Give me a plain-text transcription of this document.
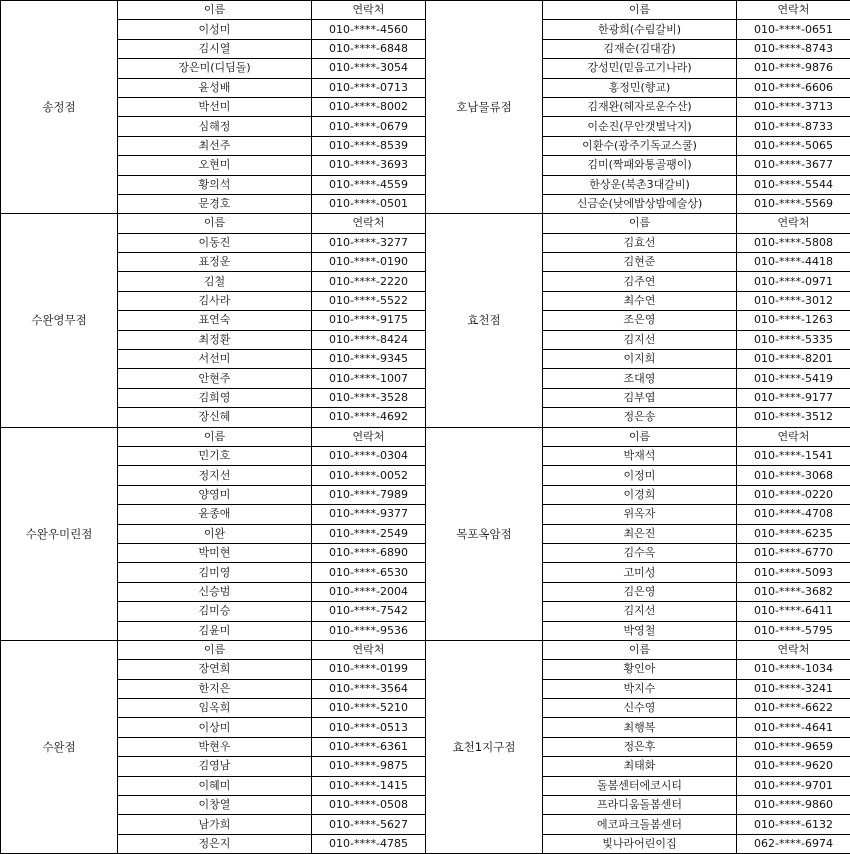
송정점	이름	연락처
	이성미	010-****-4560
	김시열	010-****-6848
	장은미(디딤돌)	010-****-3054
	윤성배	010-****-0713
	박선미	010-****-8002
	심해정	010-****-0679
	최선주	010-****-8539
	오현미	010-****-3693
	황의석	010-****-4559
	문경호	010-****-0501
수완영무점	이름	연락처
	이동진	010-****-3277
	표정운	010-****-0190
	김철	010-****-2220
	김사라	010-****-5522
	표연숙	010-****-9175
	최정환	010-****-8424
	서선미	010-****-9345
	안현주	010-****-1007
	김희영	010-****-3528
	장신혜	010-****-4692
수완우미린점	이름	연락처
	민기호	010-****-0304
	정지선	010-****-0052
	양영미	010-****-7989
	윤종애	010-****-9377
	이완	010-****-2549
	박미현	010-****-6890
	김미영	010-****-6530
	신승범	010-****-2004
	김미승	010-****-7542
	김윤미	010-****-9536
수완점	이름	연락처
	장연희	010-****-0199
	한지은	010-****-3564
	임옥희	010-****-5210
	이상미	010-****-0513
	박현우	010-****-6361
	김영남	010-****-9875
	이혜미	010-****-1415
	이창열	010-****-0508
	남가희	010-****-5627
	정은지	010-****-4785
호남물류점	이름	연락처
	한광희(수림갈비)	010-****-0651
	김재순(김대감)	010-****-8743
	강성민(믿음고기나라)	010-****-9876
	홍정민(향교)	010-****-6606
	김재완(헤자로운수산)	010-****-3713
	이순진(무안갯벌낙지)	010-****-8733
	이환수(광주기독교스쿨)	010-****-5065
	김미(짝패와통골팽이)	010-****-3677
	한상운(북촌3대갈비)	010-****-5544
	신금순(낮에밥상밤에술상)	010-****-5569
효천점	이름	연락처
	김효선	010-****-5808
	김현준	010-****-4418
	김주연	010-****-0971
	최수연	010-****-3012
	조은영	010-****-1263
	김지선	010-****-5335
	이지희	010-****-8201
	조대영	010-****-5419
	김부엽	010-****-9177
	정은송	010-****-3512
목포옥암점	이름	연락처
	박재석	010-****-1541
	이정미	010-****-3068
	이경희	010-****-0220
	위옥자	010-****-4708
	최은진	010-****-6235
	김수옥	010-****-6770
	고미성	010-****-5093
	김은영	010-****-3682
	김지선	010-****-6411
	박영철	010-****-5795
효천1지구점	이름	연락처
	황인아	010-****-1034
	박지수	010-****-3241
	신수영	010-****-6622
	최행복	010-****-4641
	정은후	010-****-9659
	최태화	010-****-9620
	돌봄센터에코시티	010-****-9701
	프라디움돌봄센터	010-****-9860
	에코파크돌봄센터	010-****-6132
	빛나라어린이집	062-****-6974
